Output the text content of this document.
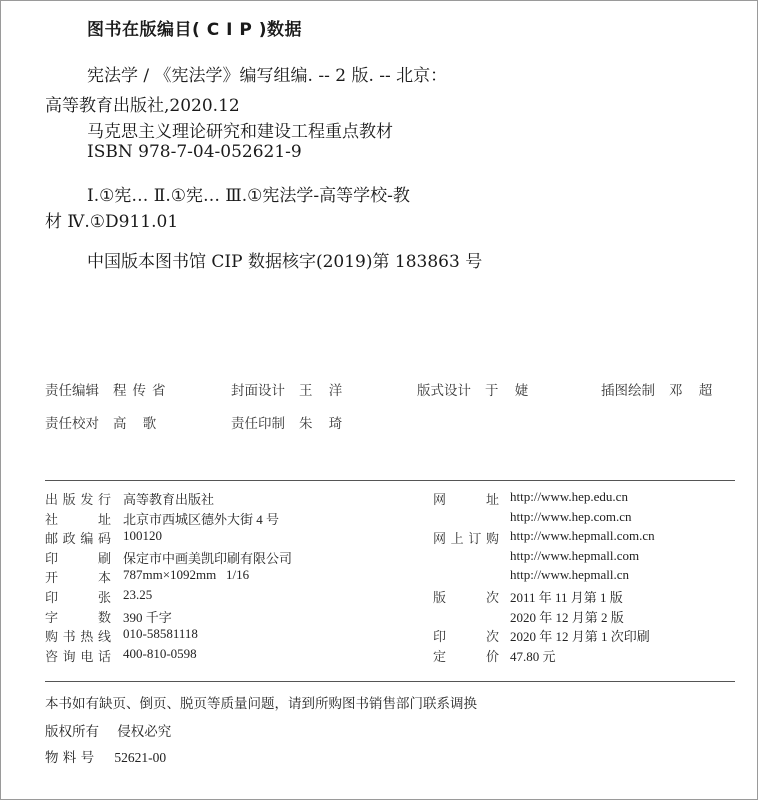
图书在版编目( C I P )数据
宪法学 / 《宪法学》编写组编. -- 2 版. -- 北京：
高等教育出版社,2020.12
马克思主义理论研究和建设工程重点教材
ISBN 978-7-04-052621-9
Ⅰ.①宪… Ⅱ.①宪… Ⅲ.①宪法学-高等学校-教
材 Ⅳ.①D911.01
中国版本图书馆 CIP 数据核字(2019)第 183863 号
责任编辑 程传省	封面设计 王 洋	版式设计 于 婕	插图绘制 邓 超
责任校对 高 歌	责任印制 朱 琦
出 版 发 行 高等教育出版社
社	址 北京市西城区德外大街 4 号
邮 政 编 码 100120
印	刷 保定市中画美凯印刷有限公司
开	本 787mm×1092mm   1/16
印	张 23.25
字	数 390 千字
购 书 热 线 010-58581118
咨 询 电 话 400-810-0598
网	址 http://www.hep.edu.cn
http://www.hep.com.cn
网 上 订 购 http://www.hepmall.com.cn
http://www.hepmall.com
http://www.hepmall.cn
版	次 2011 年 11 月第 1 版
2020 年 12 月第 2 版
印	次 2020 年 12 月第 1 次印刷
定	价 47.80 元
本书如有缺页、倒页、脱页等质量问题，请到所购图书销售部门联系调换
版权所有 侵权必究
物 料 号 52621-00
